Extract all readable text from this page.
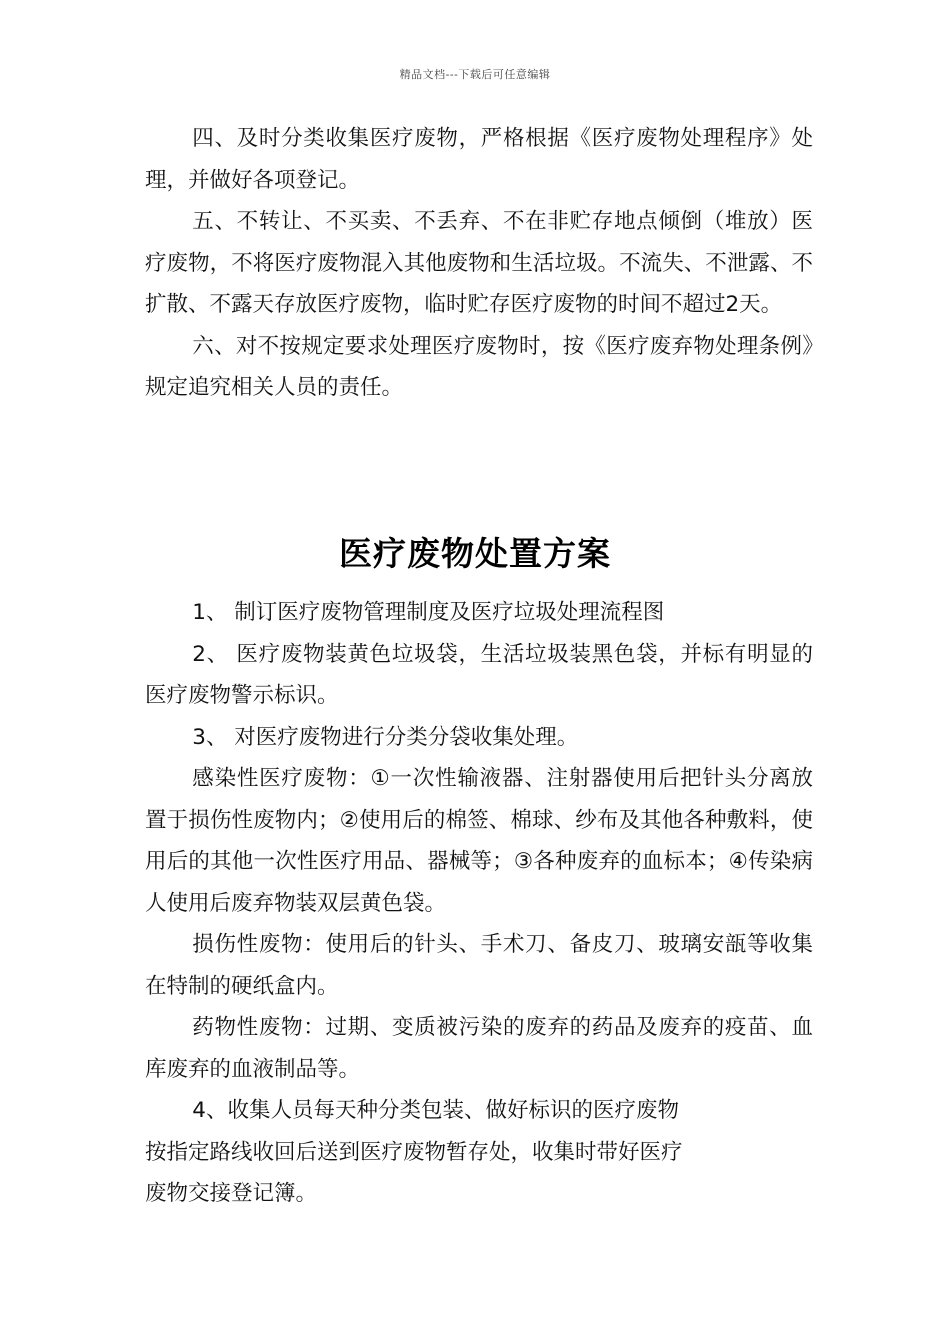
精品文档---下载后可任意编辑

四、及时分类收集医疗废物，严格根据《医疗废物处理程序》处理，并做好各项登记。

五、不转让、不买卖、不丢弃、不在非贮存地点倾倒（堆放）医疗废物，不将医疗废物混入其他废物和生活垃圾。不流失、不泄露、不扩散、不露天存放医疗废物，临时贮存医疗废物的时间不超过2天。

六、对不按规定要求处理医疗废物时，按《医疗废弃物处理条例》规定追究相关人员的责任。

医疗废物处置方案

1、 制订医疗废物管理制度及医疗垃圾处理流程图

2、 医疗废物装黄色垃圾袋，生活垃圾装黑色袋，并标有明显的医疗废物警示标识。

3、 对医疗废物进行分类分袋收集处理。

感染性医疗废物：①一次性输液器、注射器使用后把针头分离放置于损伤性废物内；②使用后的棉签、棉球、纱布及其他各种敷料，使用后的其他一次性医疗用品、器械等；③各种废弃的血标本；④传染病人使用后废弃物装双层黄色袋。

损伤性废物：使用后的针头、手术刀、备皮刀、玻璃安瓿等收集在特制的硬纸盒内。

药物性废物：过期、变质被污染的废弃的药品及废弃的疫苗、血库废弃的血液制品等。

4、收集人员每天种分类包装、做好标识的医疗废物

按指定路线收回后送到医疗废物暂存处，收集时带好医疗

废物交接登记簿。
